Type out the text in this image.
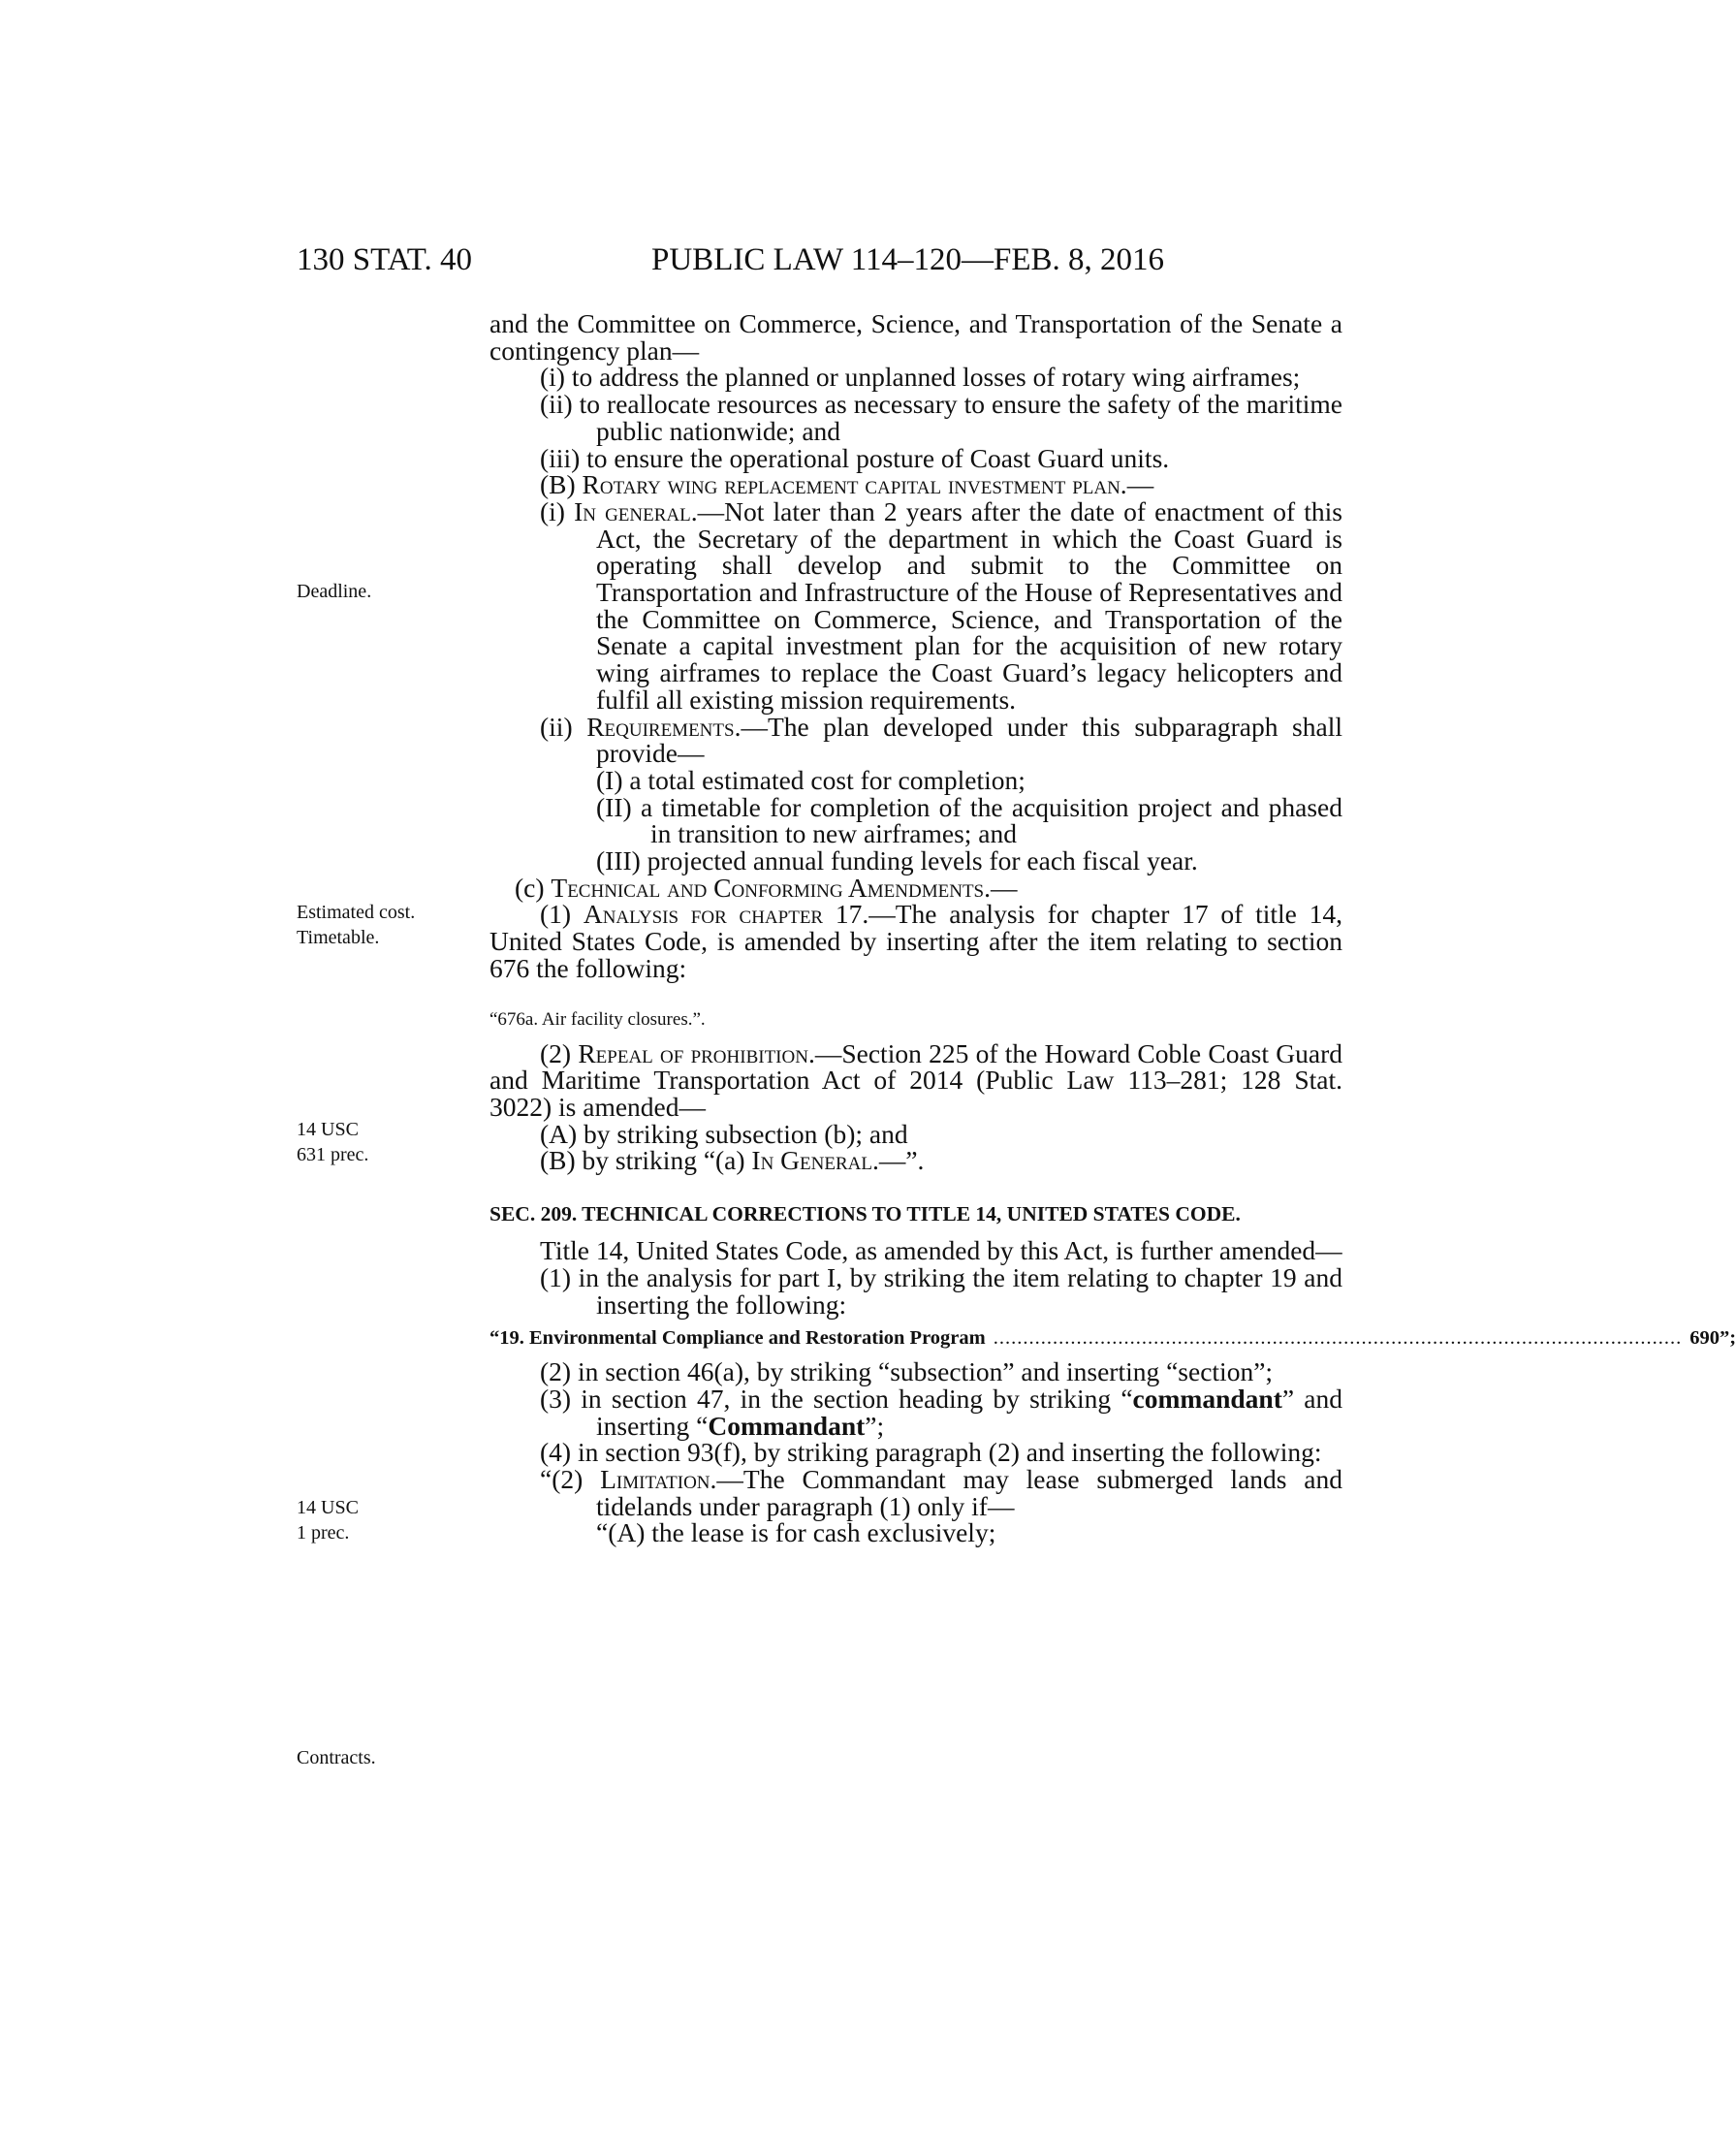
130 STAT. 40	PUBLIC LAW 114–120—FEB. 8, 2016
Deadline.
Estimated cost.
Timetable.
14 USC
631 prec.
14 USC
1 prec.
Contracts.

and the Committee on Commerce, Science, and Transportation of the Senate a contingency plan—

(i) to address the planned or unplanned losses of rotary wing airframes;

(ii) to reallocate resources as necessary to ensure the safety of the maritime public nationwide; and

(iii) to ensure the operational posture of Coast Guard units.

(B) Rotary wing replacement capital investment plan.—

(i) In general.—Not later than 2 years after the date of enactment of this Act, the Secretary of the department in which the Coast Guard is operating shall develop and submit to the Committee on Transportation and Infrastructure of the House of Representatives and the Committee on Commerce, Science, and Transportation of the Senate a capital investment plan for the acquisition of new rotary wing airframes to replace the Coast Guard’s legacy helicopters and fulfil all existing mission requirements.

(ii) Requirements.—The plan developed under this subparagraph shall provide—

(I) a total estimated cost for completion;

(II) a timetable for completion of the acquisition project and phased in transition to new airframes; and

(III) projected annual funding levels for each fiscal year.

(c) Technical and Conforming Amendments.—

(1) Analysis for chapter 17.—The analysis for chapter 17 of title 14, United States Code, is amended by inserting after the item relating to section 676 the following:

“676a. Air facility closures.”.

(2) Repeal of prohibition.—Section 225 of the Howard Coble Coast Guard and Maritime Transportation Act of 2014 (Public Law 113–281; 128 Stat. 3022) is amended—

(A) by striking subsection (b); and

(B) by striking “(a) In General.—”.

SEC. 209. TECHNICAL CORRECTIONS TO TITLE 14, UNITED STATES CODE.

Title 14, United States Code, as amended by this Act, is further amended—

(1) in the analysis for part I, by striking the item relating to chapter 19 and inserting the following:

“19. Environmental Compliance and Restoration Program .................................................................................................................... 690”;

(2) in section 46(a), by striking “subsection” and inserting “section”;

(3) in section 47, in the section heading by striking “commandant” and inserting “Commandant”;

(4) in section 93(f), by striking paragraph (2) and inserting the following:

“(2) Limitation.—The Commandant may lease submerged lands and tidelands under paragraph (1) only if—

“(A) the lease is for cash exclusively;
